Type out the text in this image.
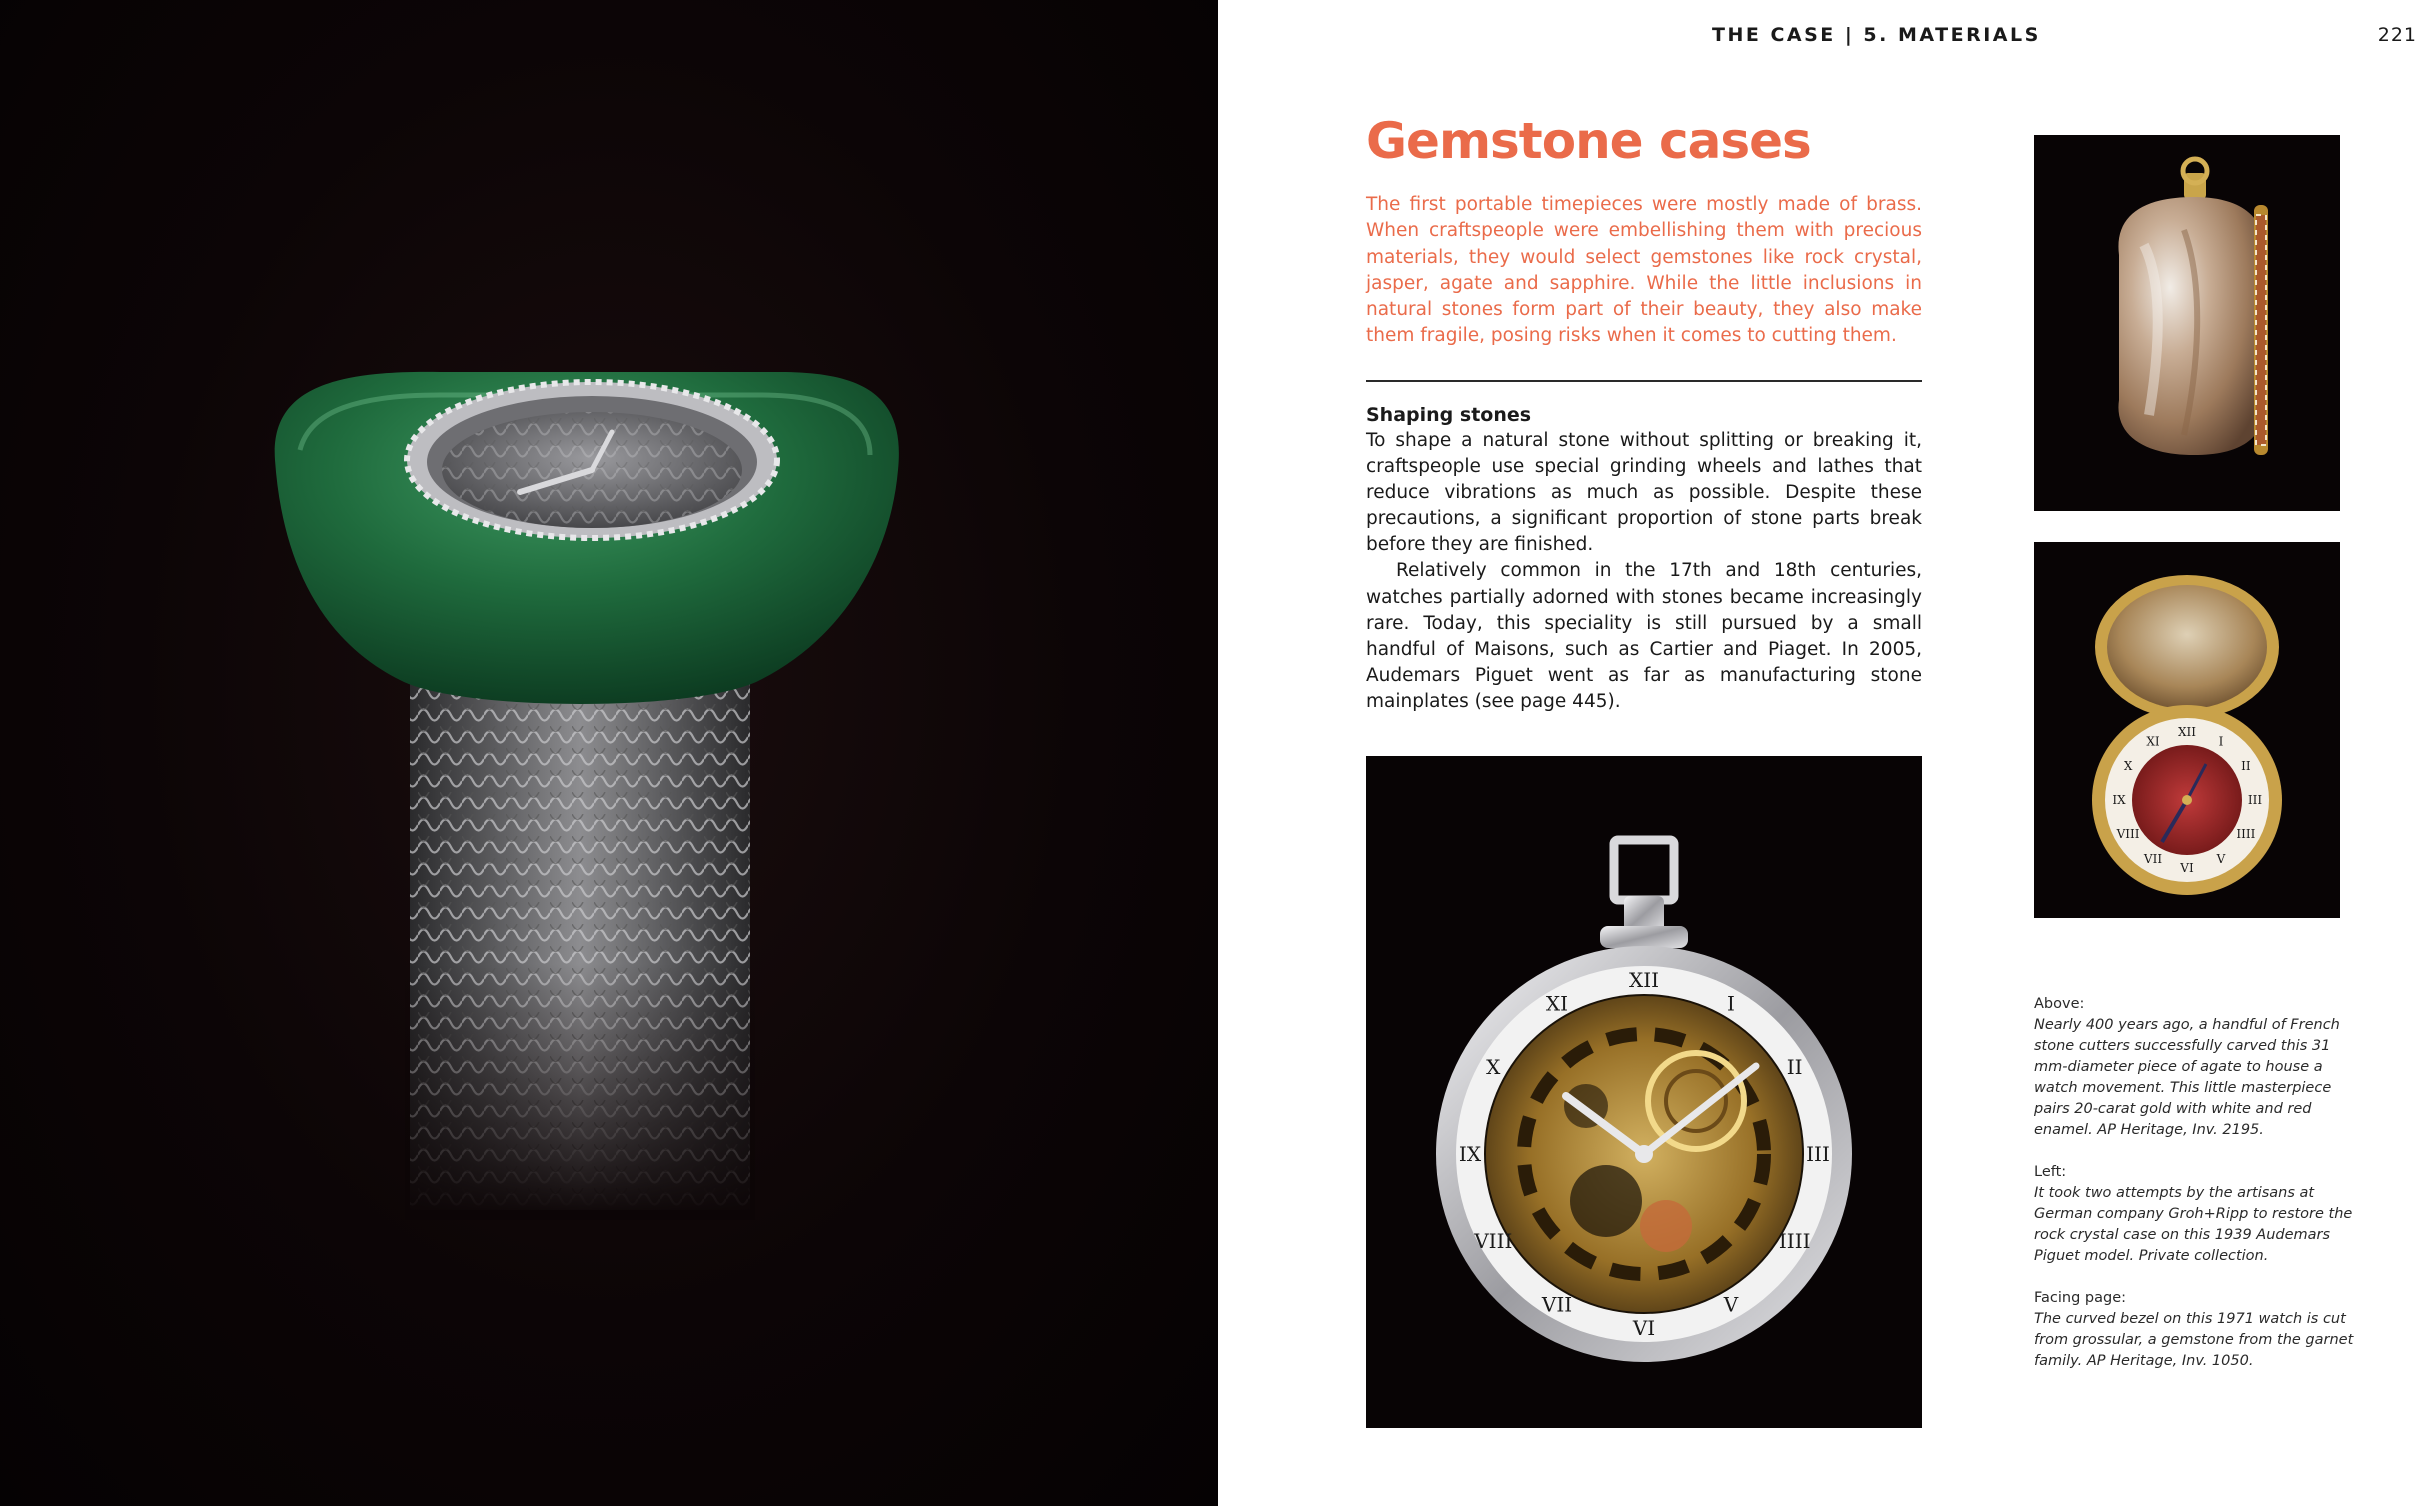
THE CASE | 5. MATERIALS	221
Gemstone cases

The first portable timepieces were mostly made of brass. When craftspeople were embellishing them with precious materials, they would select gemstones like rock crystal, jasper, agate and sapphire. While the little inclusions in natural stones form part of their beauty, they also make them fragile, posing risks when it comes to cutting them.

Shaping stones

To shape a natural stone without splitting or breaking it, craftspeople use special grinding wheels and lathes that reduce vibrations as much as possible. Despite these precautions, a significant proportion of stone parts break before they are finished.

Relatively common in the 17th and 18th centuries, watches partially adorned with stones became increasingly rare. Today, this speciality is still pursued by a small handful of Maisons, such as Cartier and Piaget. In 2005, Audemars Piguet went as far as manufacturing stone mainplates (see page 445).

XII
I
II
III
IIII
V
VI
VII
VIII
IX
X
XI
XII
I
II
III
IIII
V
VI
VII
VIII
IX
X
XI
Above:
Nearly 400 years ago, a handful of French stone cutters successfully carved this 31 mm-diameter piece of agate to house a watch movement. This little masterpiece pairs 20-carat gold with white and red enamel. AP Heritage, Inv. 2195.
Left:
It took two attempts by the artisans at German company Groh+Ripp to restore the rock crystal case on this 1939 Audemars Piguet model. Private collection.
Facing page:
The curved bezel on this 1971 watch is cut from grossular, a gemstone from the garnet family. AP Heritage, Inv. 1050.
